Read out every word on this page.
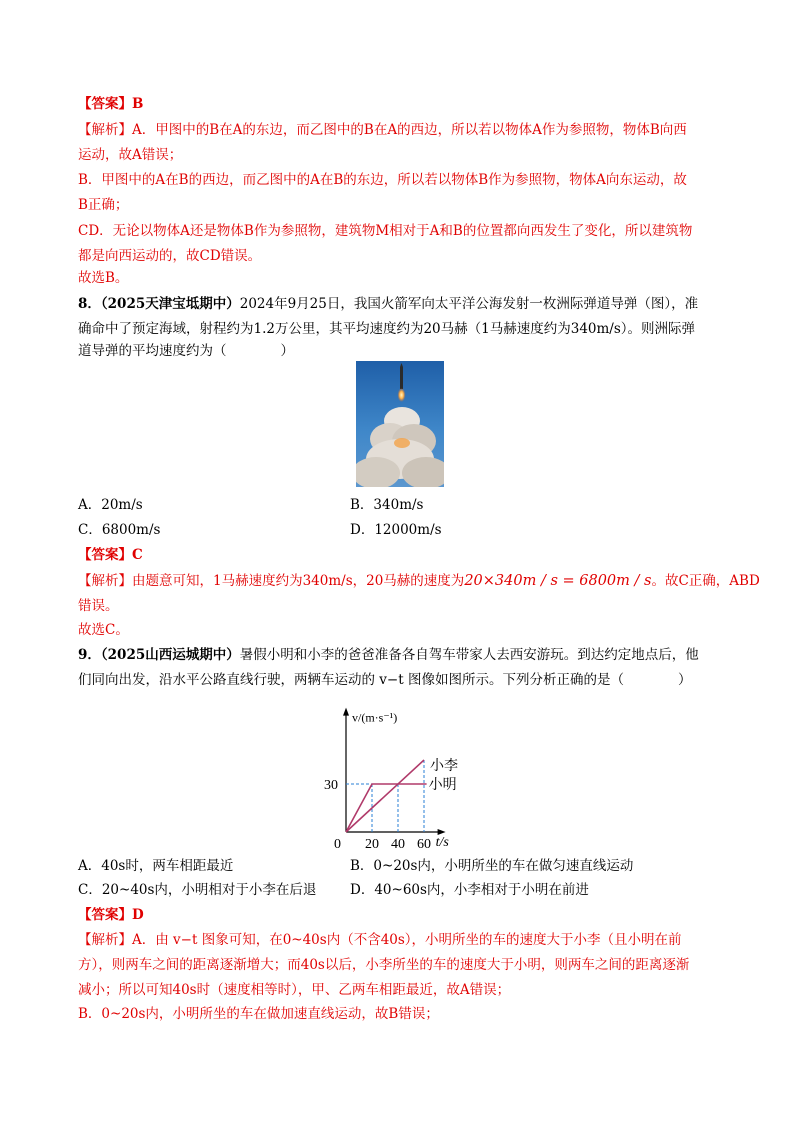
【答案】B
【解析】A．甲图中的B在A的东边，而乙图中的B在A的西边，所以若以物体A作为参照物，物体B向西
运动，故A错误；
B．甲图中的A在B的西边，而乙图中的A在B的东边，所以若以物体B作为参照物，物体A向东运动，故
B正确；
CD．无论以物体A还是物体B作为参照物，建筑物M相对于A和B的位置都向西发生了变化，所以建筑物
都是向西运动的，故CD错误。
故选B。
8．（2025天津宝坻期中）2024年9月25日，我国火箭军向太平洋公海发射一枚洲际弹道导弹（图），准
确命中了预定海域，射程约为1.2万公里，其平均速度约为20马赫（1马赫速度约为340m/s）。则洲际弹
道导弹的平均速度约为（　　　　）
A．20m/s	B．340m/s
C．6800m/s	D．12000m/s
【答案】C
【解析】由题意可知，1马赫速度约为340m/s，20马赫的速度为20×340m / s = 6800m / s。故C正确，ABD
错误。
故选C。
9．（2025山西运城期中）暑假小明和小李的爸爸准备各自驾车带家人去西安游玩。到达约定地点后，他
们同向出发，沿水平公路直线行驶，两辆车运动的 v−t 图像如图所示。下列分析正确的是（　　　　）
小李
小明
0 20 40 60
30
t/s
v/(m·s⁻¹)
A．40s时，两车相距最近	B．0~20s内，小明所坐的车在做匀速直线运动
C．20~40s内，小明相对于小李在后退 D．40~60s内，小李相对于小明在前进
【答案】D
【解析】A．由 v−t 图象可知，在0~40s内（不含40s），小明所坐的车的速度大于小李（且小明在前
方），则两车之间的距离逐渐增大；而40s以后，小李所坐的车的速度大于小明，则两车之间的距离逐渐
减小；所以可知40s时（速度相等时），甲、乙两车相距最近，故A错误；
B．0~20s内，小明所坐的车在做加速直线运动，故B错误；
